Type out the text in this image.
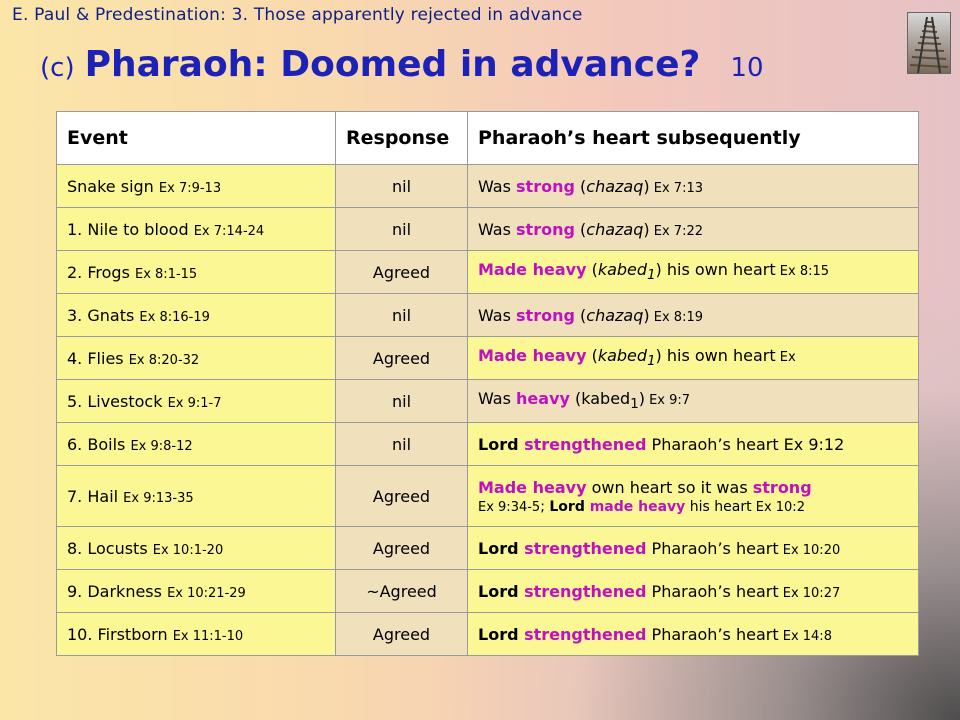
E. Paul & Predestination: 3. Those apparently rejected in advance
(c) Pharaoh: Doomed in advance? 10
Event	Response	Pharaoh’s heart subsequently
Snake sign Ex 7:9-13	nil	Was strong (chazaq) Ex 7:13
1. Nile to blood Ex 7:14-24	nil	Was strong (chazaq) Ex 7:22
2. Frogs Ex 8:1-15	Agreed	Made heavy (kabed$_1$) his own heart Ex 8:15
3. Gnats Ex 8:16-19	nil	Was strong (chazaq) Ex 8:19
4. Flies Ex 8:20-32	Agreed	Made heavy (kabed$_1$) his own heart Ex
5. Livestock Ex 9:1-7	nil	Was heavy (kabed$_1$) Ex 9:7
6. Boils Ex 9:8-12	nil	Lord strengthened Pharaoh’s heart Ex 9:12
7. Hail Ex 9:13-35	Agreed	Made heavy own heart so it was strong
Ex 9:34-5; Lord made heavy his heart Ex 10:2

8. Locusts Ex 10:1-20	Agreed	Lord strengthened Pharaoh’s heart Ex 10:20
9. Darkness Ex 10:21-29	~Agreed	Lord strengthened Pharaoh’s heart Ex 10:27
10. Firstborn Ex 11:1-10	Agreed	Lord strengthened Pharaoh’s heart Ex 14:8
